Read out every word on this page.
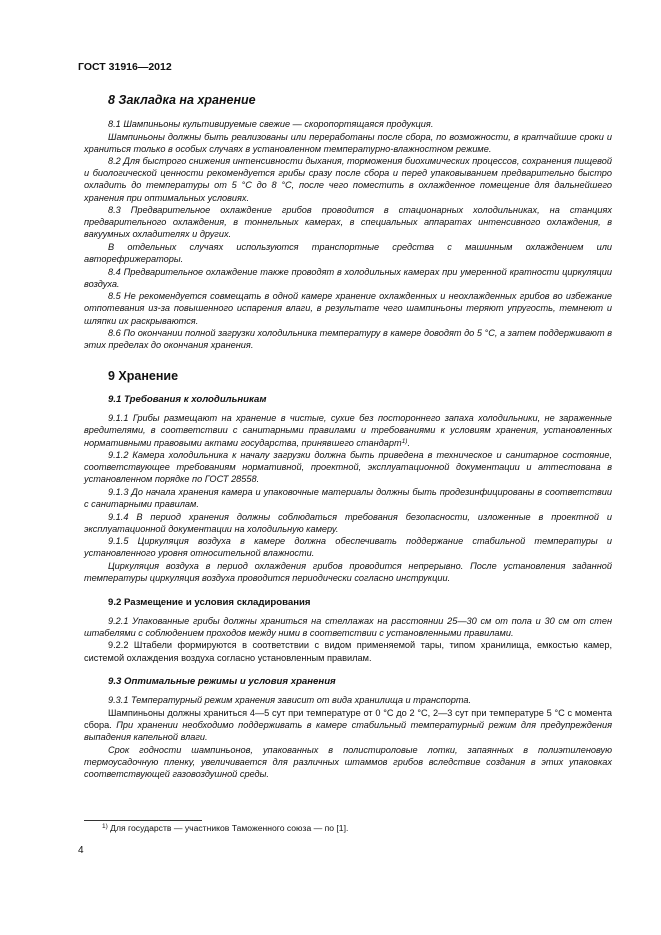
ГОСТ 31916—2012
8 Закладка на хранение

8.1 Шампиньоны культивируемые свежие — скоропортящаяся продукция.

Шампиньоны должны быть реализованы или переработаны после сбора, по возможности, в кратчайшие сроки и храниться только в особых случаях в установленном температурно-влажностном режиме.

8.2 Для быстрого снижения интенсивности дыхания, торможения биохимических процессов, сохранения пищевой и биологической ценности рекомендуется грибы сразу после сбора и перед упаковыванием предварительно быстро охладить до температуры от 5 °С до 8 °С, после чего поместить в охлажденное помещение для дальнейшего хранения при оптимальных условиях.

8.3 Предварительное охлаждение грибов проводится в стационарных холодильниках, на станциях предварительного охлаждения, в тоннельных камерах, в специальных аппаратах интенсивного охлаждения, в вакуумных охладителях и других.

В отдельных случаях используются транспортные средства с машинным охлаждением или авторефрижераторы.

8.4 Предварительное охлаждение также проводят в холодильных камерах при умеренной кратности циркуляции воздуха.

8.5 Не рекомендуется совмещать в одной камере хранение охлажденных и неохлажденных грибов во избежание отпотевания из-за повышенного испарения влаги, в результате чего шампиньоны теряют упругость, темнеют и шляпки их раскрываются.

8.6 По окончании полной загрузки холодильника температуру в камере доводят до 5 °С, а затем поддерживают в этих пределах до окончания хранения.

9 Хранение
9.1 Требования к холодильникам

9.1.1 Грибы размещают на хранение в чистые, сухие без постороннего запаха холодильники, не зараженные вредителями, в соответствии с санитарными правилами и требованиями к условиям хранения, установленных нормативными правовыми актами государства, принявшего стандарт$^{1)}$.

9.1.2 Камера холодильника к началу загрузки должна быть приведена в техническое и санитарное состояние, соответствующее требованиям нормативной, проектной, эксплуатационной документации и аттестована в установленном порядке по ГОСТ 28558.

9.1.3 До начала хранения камера и упаковочные материалы должны быть продезинфицированы в соответствии с санитарными правилам.

9.1.4 В период хранения должны соблюдаться требования безопасности, изложенные в проектной и эксплуатационной документации на холодильную камеру.

9.1.5 Циркуляция воздуха в камере должна обеспечивать поддержание стабильной температуры и установленного уровня относительной влажности.

Циркуляция воздуха в период охлаждения грибов проводится непрерывно. После установления заданной температуры циркуляция воздуха проводится периодически согласно инструкции.

9.2 Размещение и условия складирования

9.2.1 Упакованные грибы должны храниться на стеллажах на расстоянии 25—30 см от пола и 30 см от стен штабелями с соблюдением проходов между ними в соответствии с установленными правилами.

9.2.2 Штабели формируются в соответствии с видом применяемой тары, типом хранилища, емкостью камер, системой охлаждения воздуха согласно установленным правилам.

9.3 Оптимальные режимы и условия хранения

9.3.1 Температурный режим хранения зависит от вида хранилища и транспорта.

Шампиньоны должны храниться 4—5 сут при температуре от 0 °С до 2 °С, 2—3 сут при температуре 5 °С с момента сбора. При хранении необходимо поддерживать в камере стабильный температурный режим для предупреждения выпадения капельной влаги.

Срок годности шампиньонов, упакованных в полистироловые лотки, запаянных в полиэтиленовую термоусадочную пленку, увеличивается для различных штаммов грибов вследствие создания в этих упаковках соответствующей газовоздушной среды.

$^{1)}$ Для государств — участников Таможенного союза — по [1].
4
